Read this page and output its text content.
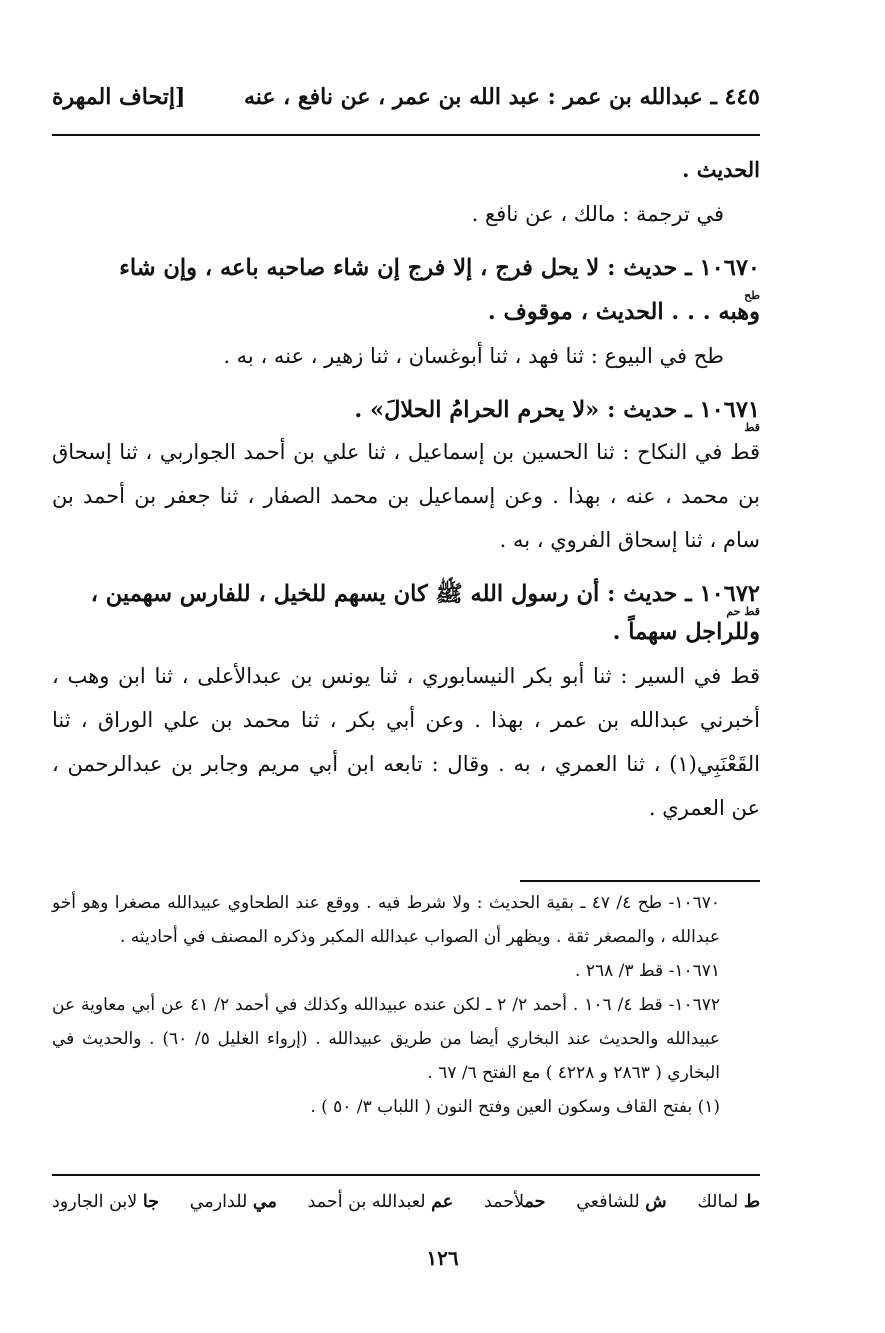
٤٤٥ ـ عبدالله بن عمر : عبد الله بن عمر ، عن نافع ، عنه
[إتحاف المهرة

الحديث .

في ترجمة : مالك ، عن نافع .

١٠٦٧٠ ـ حديث : لا يحل فرج ، إلا فرج إن شاء صاحبه باعه ، وإن شاء

طح

وهبه . . . الحديث ، موقوف .

طح في البيوع : ثنا فهد ، ثنا أبوغسان ، ثنا زهير ، عنه ، به .

١٠٦٧١ ـ حديث : «لا يحرم الحرامُ الحلالَ» .

قط

قط في النكاح : ثنا الحسين بن إسماعيل ، ثنا علي بن أحمد الجواربي ، ثنا إسحاق بن محمد ، عنه ، بهذا . وعن إسماعيل بن محمد الصفار ، ثنا جعفر بن أحمد بن سام ، ثنا إسحاق الفروي ، به .

١٠٦٧٢ ـ حديث : أن رسول الله ﷺ كان يسهم للخيل ، للفارس سهمين ،

قط حم

وللراجل سهماً .

قط في السير : ثنا أبو بكر النيسابوري ، ثنا يونس بن عبدالأعلى ، ثنا ابن وهب ، أخبرني عبدالله بن عمر ، بهذا . وعن أبي بكر ، ثنا محمد بن علي الوراق ، ثنا القَعْنَبِي(١) ، ثنا العمري ، به . وقال : تابعه ابن أبي مريم وجابر بن عبدالرحمن ، عن العمري .

١٠٦٧٠- طح ٤/ ٤٧ ـ بقية الحديث : ولا شرط فيه . ووقع عند الطحاوي عبيدالله مصغرا وهو أخو عبدالله ، والمصغر ثقة . ويظهر أن الصواب عبدالله المكبر وذكره المصنف في أحاديثه .

١٠٦٧١- قط ٣/ ٢٦٨ .

١٠٦٧٢- قط ٤/ ١٠٦ . أحمد ٢/ ٢ ـ لكن عنده عبيدالله وكذلك في أحمد ٢/ ٤١ عن أبي معاوية عن عبيدالله والحديث عند البخاري أيضا من طريق عبيدالله . (إرواء الغليل ٥/ ٦٠) . والحديث في البخاري ( ٢٨٦٣ و ٤٢٢٨ ) مع الفتح ٦/ ٦٧ .

(١) بفتح القاف وسكون العين وفتح النون ( اللباب ٣/ ٥٠ ) .

ط لمالك
ش للشافعي
حملأحمد
عم لعبدالله بن أحمد
مي للدارمي
جا لابن الجارود
١٢٦
